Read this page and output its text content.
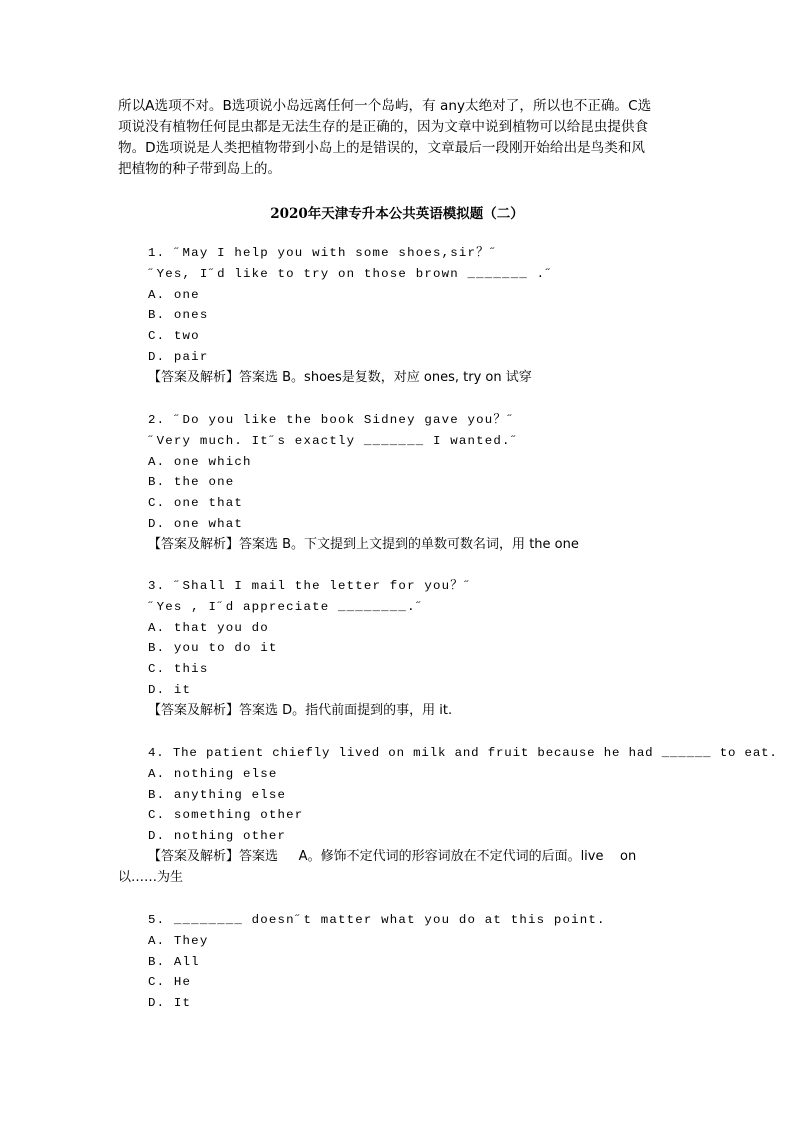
所以A选项不对。B选项说小岛远离任何一个岛屿，有 any太绝对了，所以也不正确。C选
项说没有植物任何昆虫都是无法生存的是正确的，因为文章中说到植物可以给昆虫提供食
物。D选项说是人类把植物带到小岛上的是错误的，文章最后一段刚开始给出是鸟类和风
把植物的种子带到岛上的。
2020年天津专升本公共英语模拟题（二）
1. ˝May I help you with some shoes,sir？˝
˝Yes, I˝d like to try on those brown _______ .˝
A. one
B. ones
C. two
D. pair
【答案及解析】答案选 B。shoes是复数，对应 ones, try on 试穿
2. ˝Do you like the book Sidney gave you？˝
˝Very much. It˝s exactly _______ I wanted.˝
A. one which
B. the one
C. one that
D. one what
【答案及解析】答案选 B。下文提到上文提到的单数可数名词，用 the one
3. ˝Shall I mail the letter for you？˝
˝Yes , I˝d appreciate ________.˝
A. that you do
B. you to do it
C. this
D. it
【答案及解析】答案选 D。指代前面提到的事，用 it.
4. The patient chiefly lived on milk and fruit because he had ______ to eat.
A. nothing else
B. anything else
C. something other
D. nothing other
【答案及解析】答案选     A。修饰不定代词的形容词放在不定代词的后面。live    on
以……为生
5. ________ doesn˝t matter what you do at this point.
A. They
B. All
C. He
D. It
